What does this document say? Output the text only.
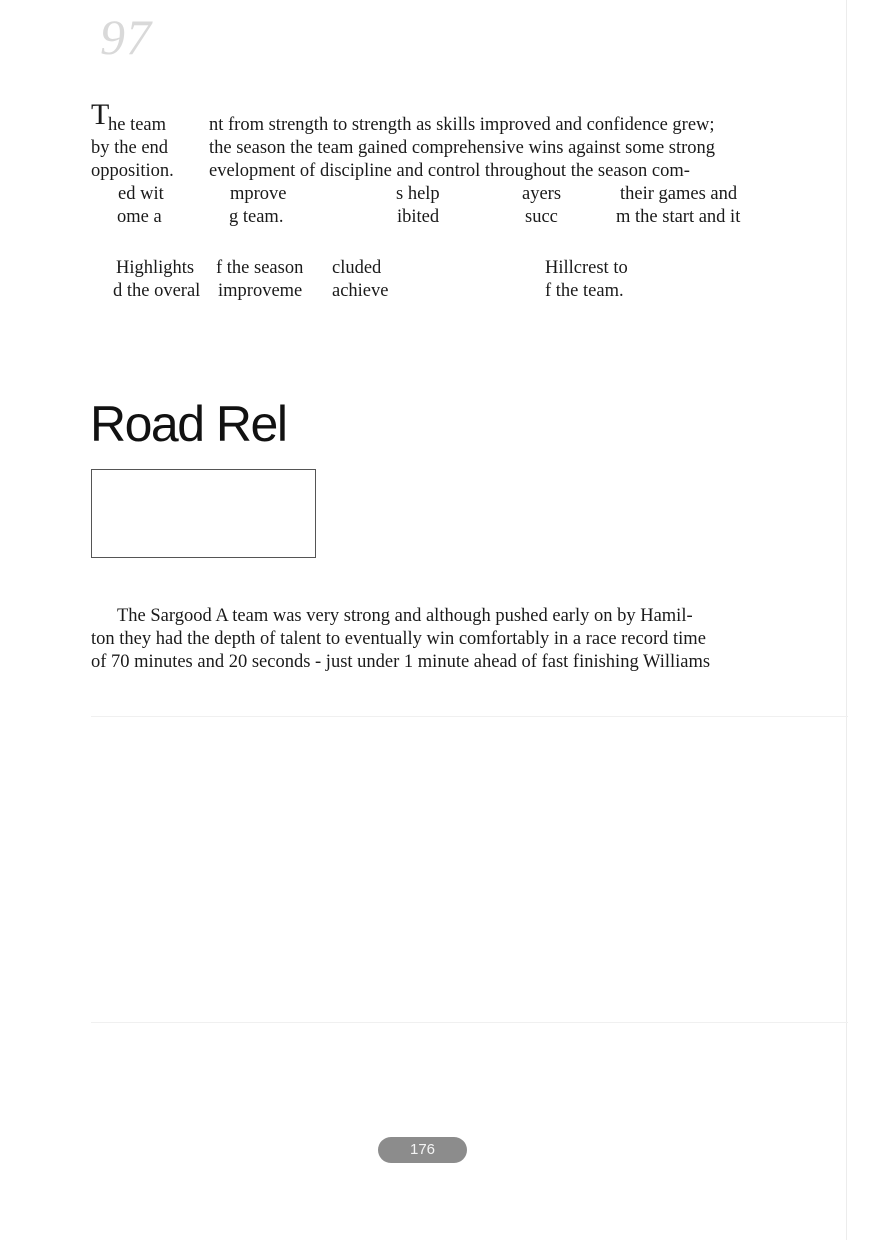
97
T
he team nt from strength to strength as skills improved and confidence grew;
by the end the season the team gained comprehensive wins against some strong
opposition. evelopment of discipline and control throughout the season com-
ed wit	mprove	s help	ayers	their games and
ome a	g team.	ibited	succ	m the start and it
Highlights f the season cluded	Hillcrest to
d the overal improveme achieve	f the team.
Road Rel
The Sargood A team was very strong and although pushed early on by Hamil-
ton they had the depth of talent to eventually win comfortably in a race record time
of 70 minutes and 20 seconds - just under 1 minute ahead of fast finishing Williams
176
